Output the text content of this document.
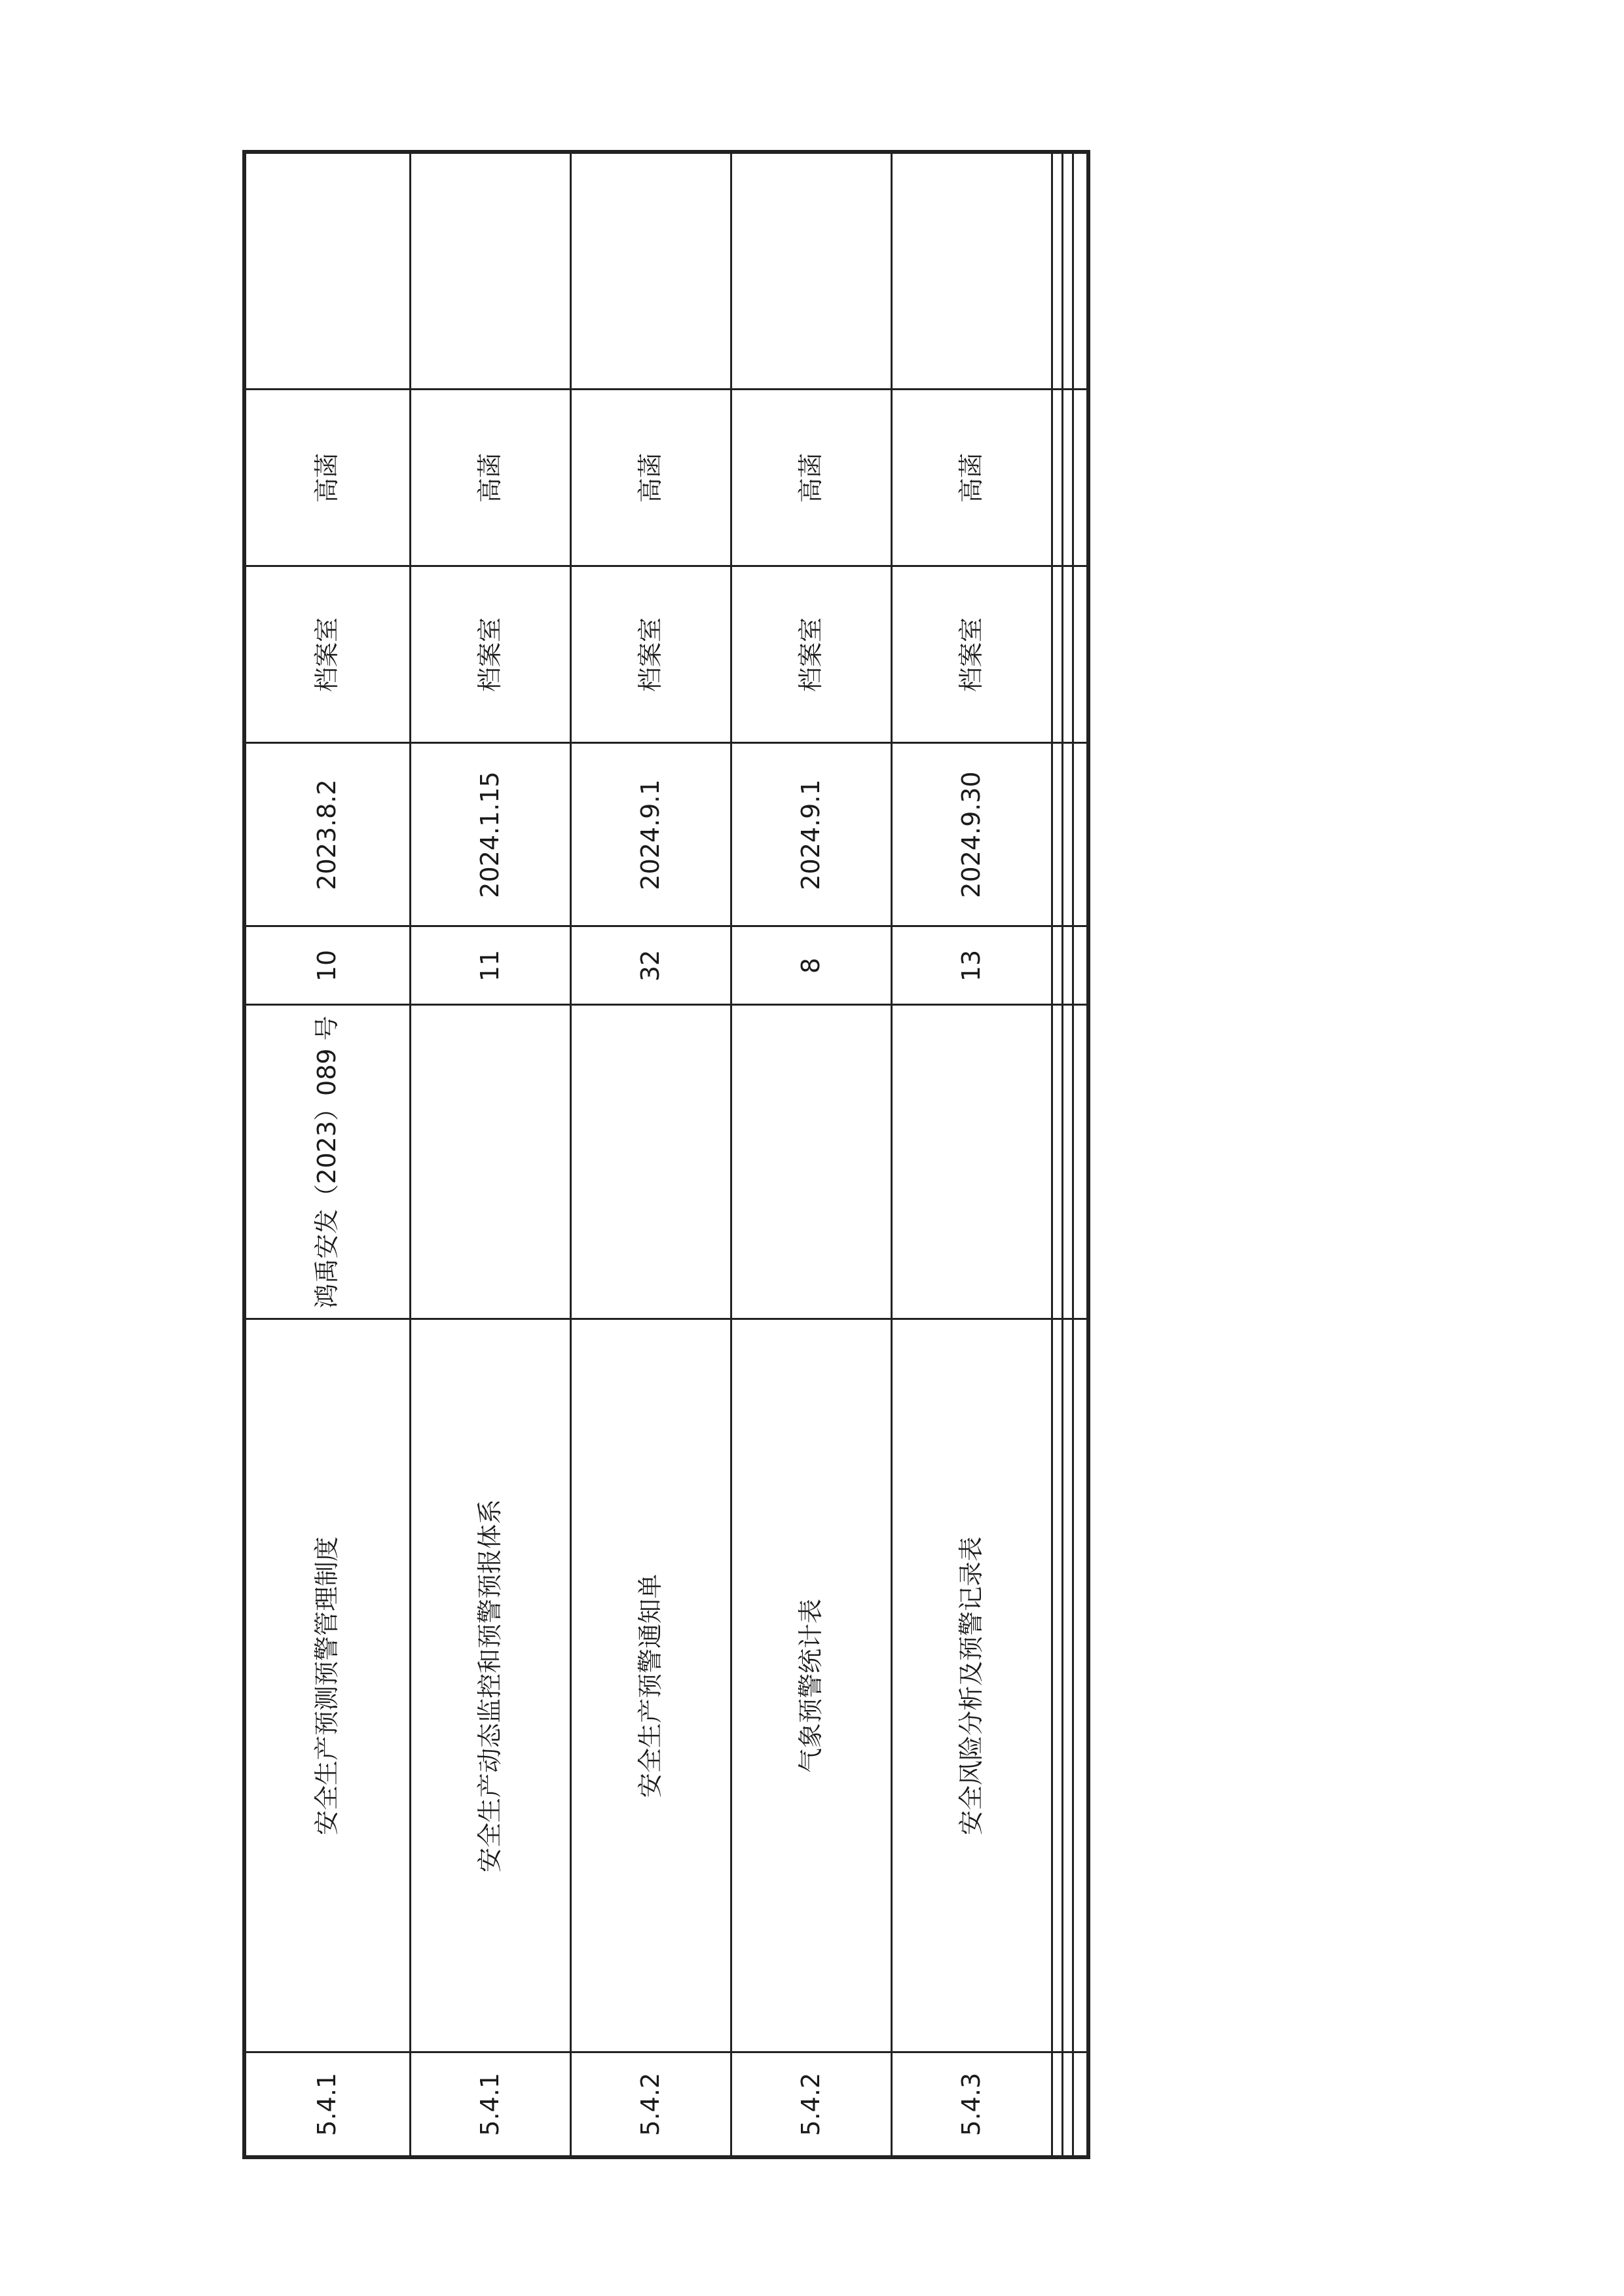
5.4.1	安全生产预测预警管理制度	鸿禹安发（2023）089 号	10	2023.8.2	档案室	高菡	
5.4.1	安全生产动态监控和预警预报体系		11	2024.1.15	档案室	高菡	
5.4.2	安全生产预警通知单		32	2024.9.1	档案室	高菡	
5.4.2	气象预警统计表		8	2024.9.1	档案室	高菡	
5.4.3	安全风险分析及预警记录表		13	2024.9.30	档案室	高菡	
